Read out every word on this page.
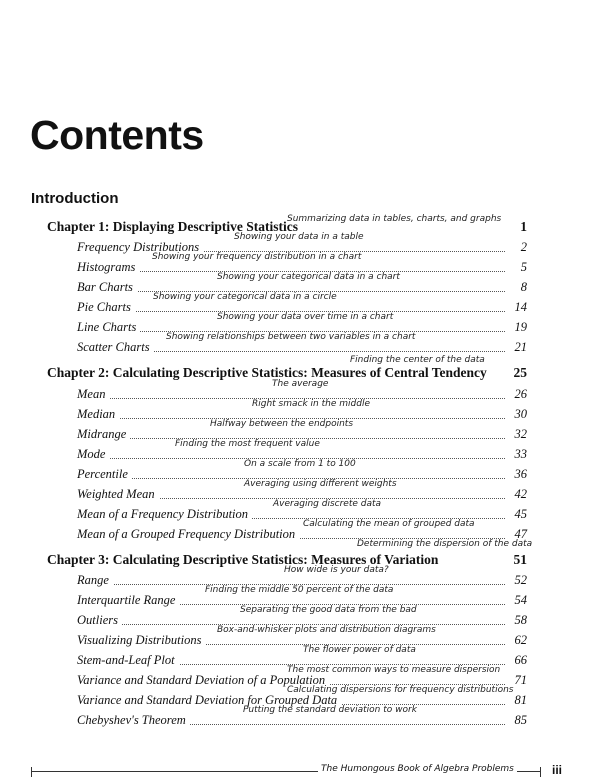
Contents
Introduction
Chapter 1: Displaying Descriptive Statistics	1
Summarizing data in tables, charts, and graphs
Frequency Distributions	2
Showing your data in a table
Histograms	5
Showing your frequency distribution in a chart
Bar Charts	8
Showing your categorical data in a chart
Pie Charts	14
Showing your categorical data in a circle
Line Charts	19
Showing your data over time in a chart
Scatter Charts	21
Showing relationships between two variables in a chart
Finding the center of the data
Chapter 2: Calculating Descriptive Statistics: Measures of Central Tendency 25
Mean	26
The average
Median	30
Right smack in the middle
Midrange	32
Halfway between the endpoints
Mode	33
Finding the most frequent value
Percentile	36
On a scale from 1 to 100
Weighted Mean	42
Averaging using different weights
Mean of a Frequency Distribution	45
Averaging discrete data
Mean of a Grouped Frequency Distribution	47
Calculating the mean of grouped data
Determining the dispersion of the data
Chapter 3: Calculating Descriptive Statistics: Measures of Variation	51
Range	52
How wide is your data?
Interquartile Range	54
Finding the middle 50 percent of the data
Outliers	58
Separating the good data from the bad
Visualizing Distributions	62
Box-and-whisker plots and distribution diagrams
Stem-and-Leaf Plot	66
The flower power of data
Variance and Standard Deviation of a Population	71
The most common ways to measure dispersion
Variance and Standard Deviation for Grouped Data	81
Calculating dispersions for frequency distributions
Chebyshev's Theorem	85
Putting the standard deviation to work
The Humongous Book of Algebra Problems	iii
